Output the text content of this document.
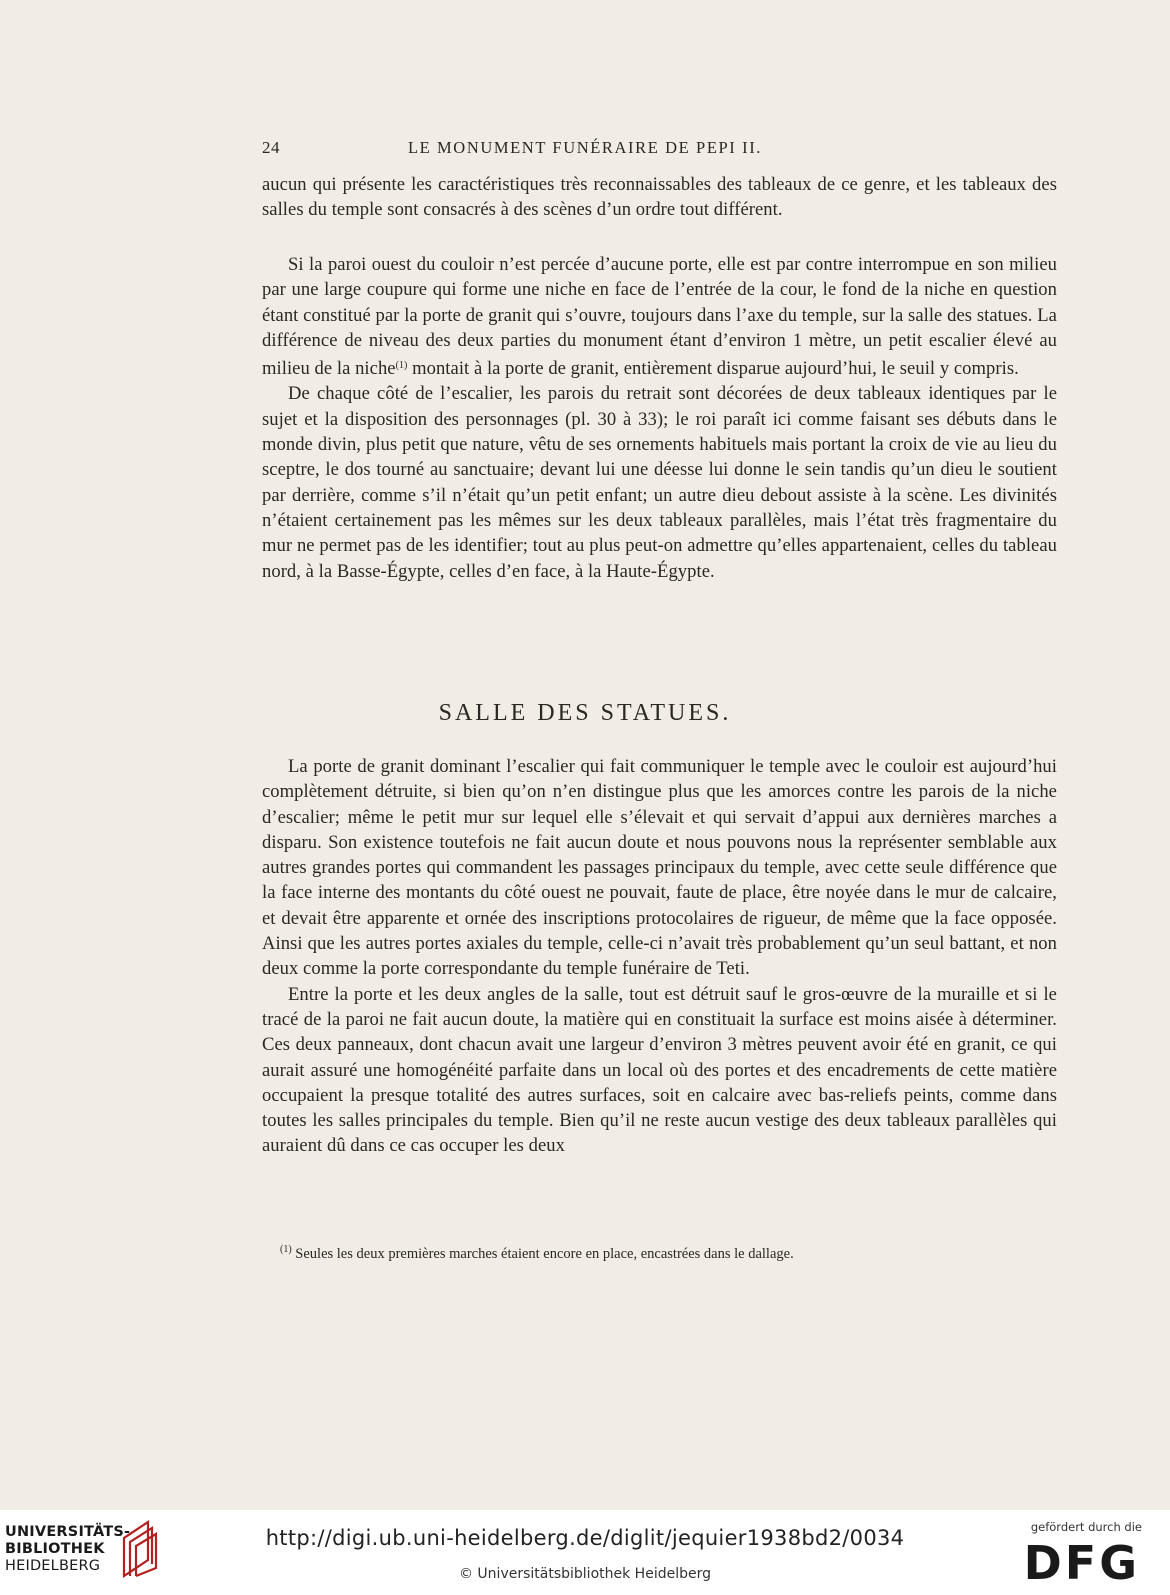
24	LE MONUMENT FUNÉRAIRE DE PEPI II.

aucun qui présente les caractéristiques très reconnaissables des tableaux de ce genre, et les tableaux des salles du temple sont consacrés à des scènes d’un ordre tout différent.

Si la paroi ouest du couloir n’est percée d’aucune porte, elle est par contre interrompue en son milieu par une large coupure qui forme une niche en face de l’entrée de la cour, le fond de la niche en question étant constitué par la porte de granit qui s’ouvre, toujours dans l’axe du temple, sur la salle des statues. La différence de niveau des deux parties du monument étant d’environ 1 mètre, un petit escalier élevé au milieu de la niche$^{(1)}$ montait à la porte de granit, entièrement disparue aujourd’hui, le seuil y compris.

De chaque côté de l’escalier, les parois du retrait sont décorées de deux tableaux identiques par le sujet et la disposition des personnages (pl. 30 à 33); le roi paraît ici comme faisant ses débuts dans le monde divin, plus petit que nature, vêtu de ses ornements habituels mais portant la croix de vie au lieu du sceptre, le dos tourné au sanctuaire; devant lui une déesse lui donne le sein tandis qu’un dieu le soutient par derrière, comme s’il n’était qu’un petit enfant; un autre dieu debout assiste à la scène. Les divinités n’étaient certainement pas les mêmes sur les deux tableaux parallèles, mais l’état très fragmentaire du mur ne permet pas de les identifier; tout au plus peut-on admettre qu’elles appartenaient, celles du tableau nord, à la Basse-Égypte, celles d’en face, à la Haute-Égypte.

SALLE DES STATUES.

La porte de granit dominant l’escalier qui fait communiquer le temple avec le couloir est aujourd’hui complètement détruite, si bien qu’on n’en distingue plus que les amorces contre les parois de la niche d’escalier; même le petit mur sur lequel elle s’élevait et qui servait d’appui aux dernières marches a disparu. Son existence toutefois ne fait aucun doute et nous pouvons nous la représenter semblable aux autres grandes portes qui commandent les passages principaux du temple, avec cette seule différence que la face interne des montants du côté ouest ne pouvait, faute de place, être noyée dans le mur de calcaire, et devait être apparente et ornée des inscriptions protocolaires de rigueur, de même que la face opposée. Ainsi que les autres portes axiales du temple, celle-ci n’avait très probablement qu’un seul battant, et non deux comme la porte correspondante du temple funéraire de Teti.

Entre la porte et les deux angles de la salle, tout est détruit sauf le gros-œuvre de la muraille et si le tracé de la paroi ne fait aucun doute, la matière qui en constituait la surface est moins aisée à déterminer. Ces deux panneaux, dont chacun avait une largeur d’environ 3 mètres peuvent avoir été en granit, ce qui aurait assuré une homogénéité parfaite dans un local où des portes et des encadrements de cette matière occupaient la presque totalité des autres surfaces, soit en calcaire avec bas-reliefs peints, comme dans toutes les salles principales du temple. Bien qu’il ne reste aucun vestige des deux tableaux parallèles qui auraient dû dans ce cas occuper les deux

$^{(1)}$ Seules les deux premières marches étaient encore en place, encastrées dans le dallage.
UNIVERSITÄTS-
BIBLIOTHEK
HEIDELBERG
http://digi.ub.uni-heidelberg.de/diglit/jequier1938bd2/0034
© Universitätsbibliothek Heidelberg
gefördert durch die
DFG
